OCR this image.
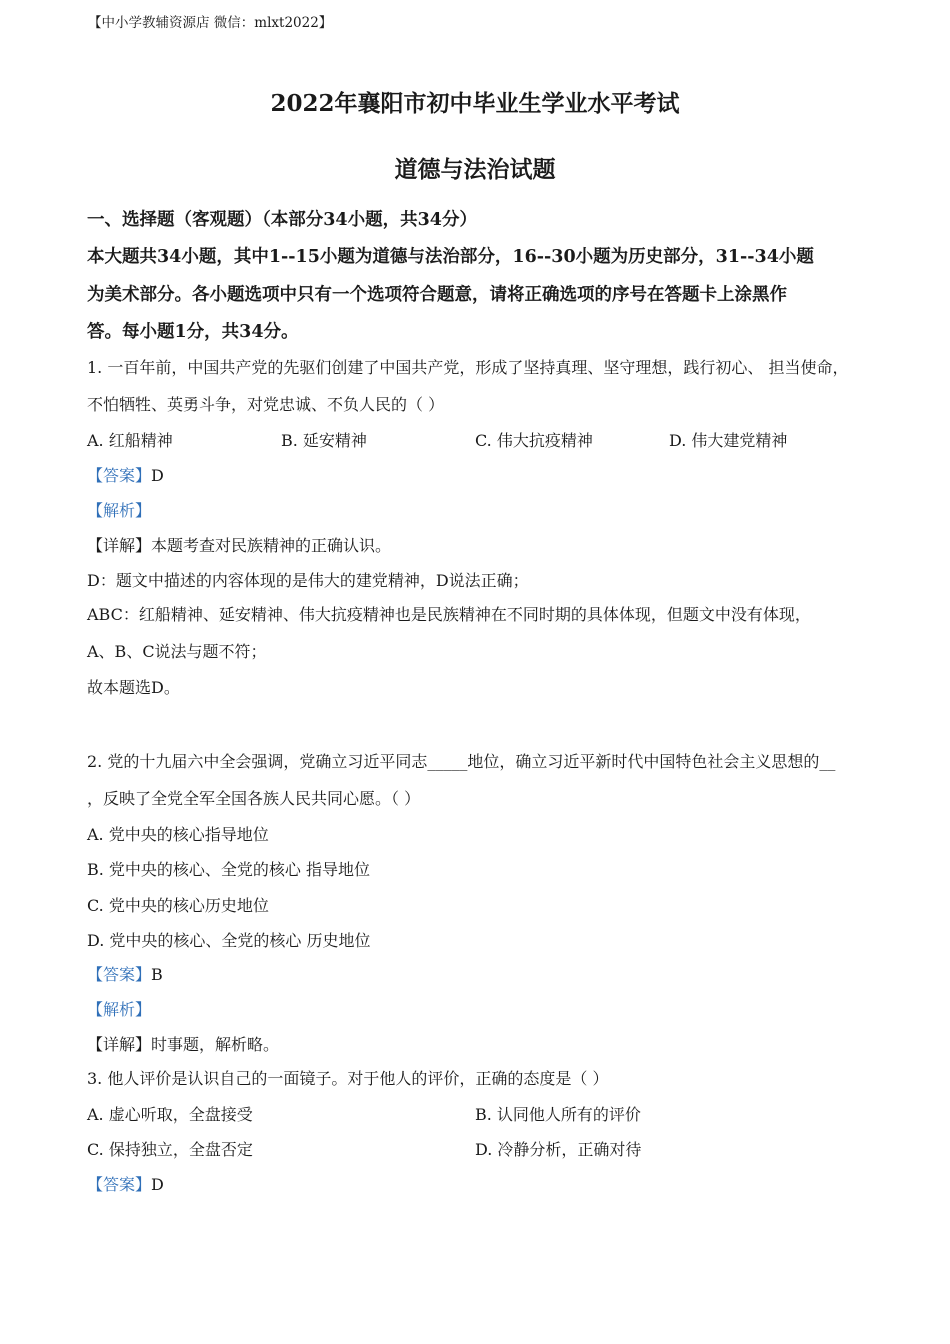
【中小学教辅资源店 微信：mlxt2022】
2022年襄阳市初中毕业生学业水平考试
道德与法治试题
一、选择题（客观题）（本部分34小题，共34分）
本大题共34小题，其中1--15小题为道德与法治部分，16--30小题为历史部分，31--34小题
为美术部分。各小题选项中只有一个选项符合题意，请将正确选项的序号在答题卡上涂黑作
答。每小题1分，共34分。
1. 一百年前，中国共产党的先驱们创建了中国共产党，形成了坚持真理、坚守理想，践行初心、 担当使命，
不怕牺牲、英勇斗争，对党忠诚、不负人民的（ ）
A. 红船精神	B. 延安精神	C. 伟大抗疫精神	D. 伟大建党精神
【答案】D
【解析】
【详解】本题考查对民族精神的正确认识。
D：题文中描述的内容体现的是伟大的建党精神，D说法正确；
ABC：红船精神、延安精神、伟大抗疫精神也是民族精神在不同时期的具体体现，但题文中没有体现，
A、B、C说法与题不符；
故本题选D。
2. 党的十九届六中全会强调，党确立习近平同志_____地位，确立习近平新时代中国特色社会主义思想的__
，反映了全党全军全国各族人民共同心愿。（ ）
A. 党中央的核心指导地位
B. 党中央的核心、全党的核心 指导地位
C. 党中央的核心历史地位
D. 党中央的核心、全党的核心 历史地位
【答案】B
【解析】
【详解】时事题，解析略。
3. 他人评价是认识自己的一面镜子。对于他人的评价，正确的态度是（ ）
A. 虚心听取，全盘接受	B. 认同他人所有的评价
C. 保持独立，全盘否定	D. 冷静分析，正确对待
【答案】D
